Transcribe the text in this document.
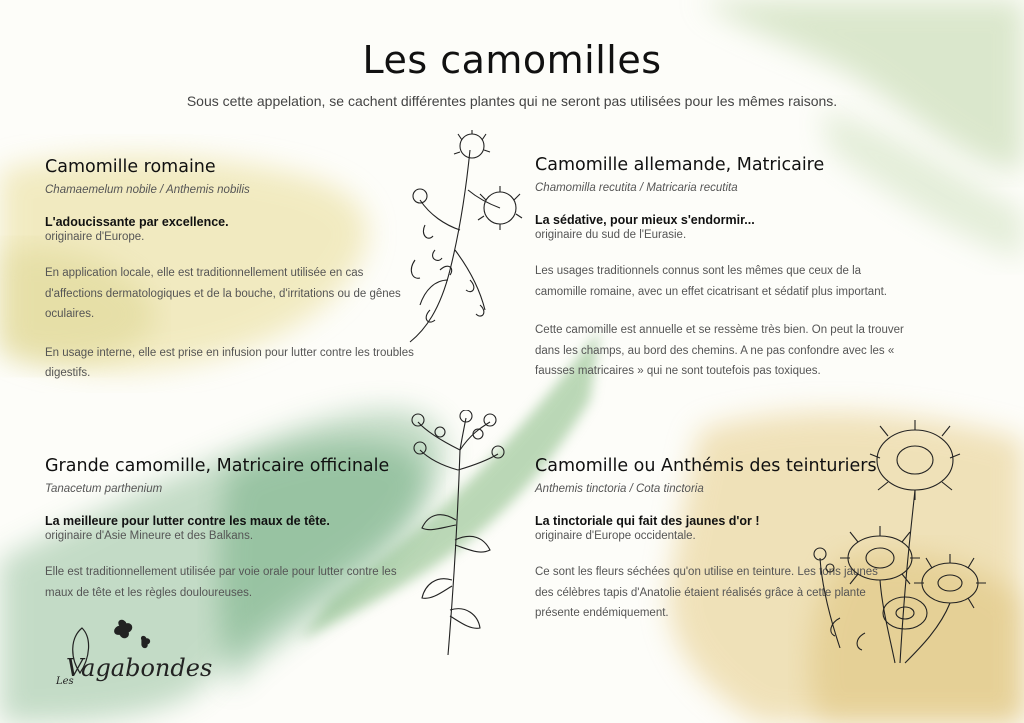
Les camomilles
Sous cette appelation, se cachent différentes plantes qui ne seront pas utilisées pour les mêmes raisons.
Camomille romaine
Chamaemelum nobile / Anthemis nobilis
L'adoucissante par excellence.
originaire d'Europe.
En application locale, elle est traditionnellement utilisée en cas d'affections dermatologiques et de la bouche, d'irritations ou de gênes oculaires.
En usage interne, elle est prise en infusion pour lutter contre les troubles digestifs.
Camomille allemande, Matricaire
Chamomilla recutita / Matricaria recutita
La sédative, pour mieux s'endormir...
originaire du sud de l'Eurasie.
Les usages traditionnels connus sont les mêmes que ceux de la camomille romaine, avec un effet cicatrisant et sédatif plus important.
Cette camomille est annuelle et se ressème très bien. On peut la trouver dans les champs, au bord des chemins. A ne pas confondre avec les « fausses matricaires » qui ne sont toutefois pas toxiques.
Grande camomille, Matricaire officinale
Tanacetum parthenium
La meilleure pour lutter contre les maux de tête.
originaire d'Asie Mineure et des Balkans.
Elle est traditionnellement utilisée par voie orale pour lutter contre les maux de tête et les règles douloureuses.
Camomille ou Anthémis des teinturiers
Anthemis tinctoria / Cota tinctoria
La tinctoriale qui fait des jaunes d'or !
originaire d'Europe occidentale.
Ce sont les fleurs séchées qu'on utilise en teinture. Les tons jaunes des célèbres tapis d'Anatolie étaient réalisés grâce à cette plante présente endémiquement.
Les
Vagabondes
